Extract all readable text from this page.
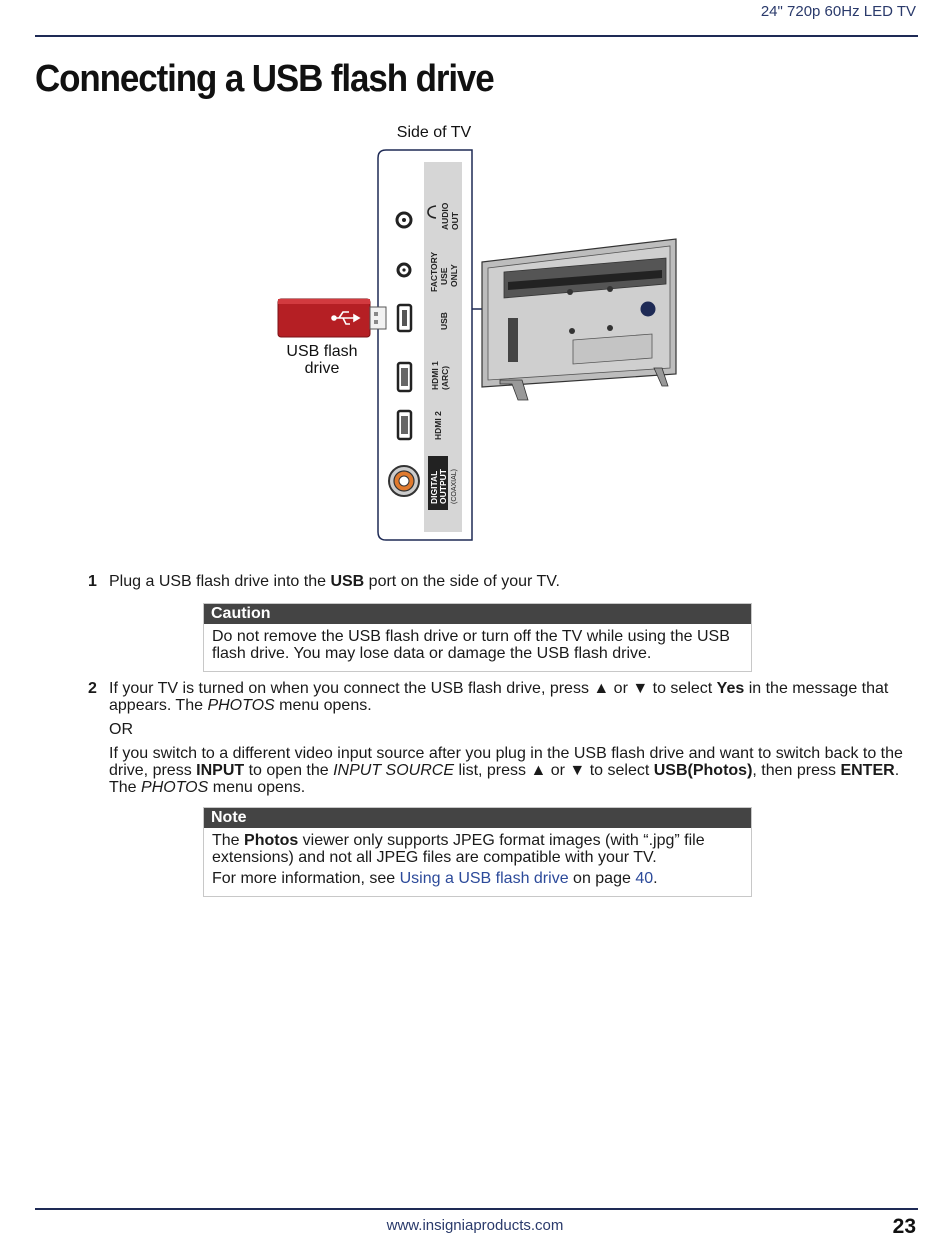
24" 720p 60Hz LED TV
Connecting a USB flash drive
Side of TV
AUDIOOUT
FACTORYUSEONLY
USB
HDMI 1(ARC)
HDMI 2
DIGITALOUTPUT (COAXIAL)
USB flash
drive
1 Plug a USB flash drive into the USB port on the side of your TV.

Caution

Do not remove the USB flash drive or turn off the TV while using the USB flash drive. You may lose data or damage the USB flash drive.

2 If your TV is turned on when you connect the USB flash drive, press ▲ or ▼ to select Yes in the message that appears. The PHOTOS menu opens.

OR

If you switch to a different video input source after you plug in the USB flash drive and want to switch back to the drive, press INPUT to open the INPUT SOURCE list, press ▲ or ▼ to select USB(Photos), then press ENTER. The PHOTOS menu opens.

Note

The Photos viewer only supports JPEG format images (with “.jpg” file extensions) and not all JPEG files are compatible with your TV.

For more information, see Using a USB flash drive on page 40.

www.insigniaproducts.com	23
